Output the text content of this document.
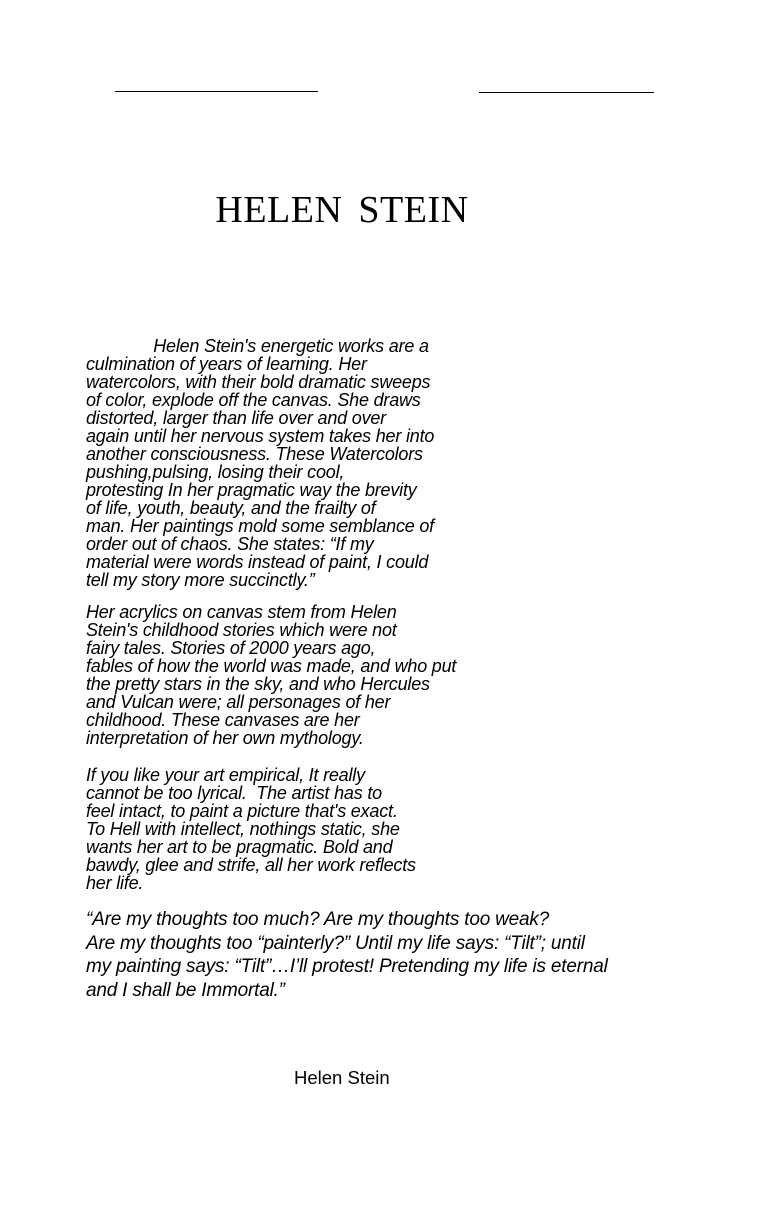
HELEN STEIN
Helen Stein's energetic works are a
culmination of years of learning. Her
watercolors, with their bold dramatic sweeps
of color, explode off the canvas. She draws
distorted, larger than life over and over
again until her nervous system takes her into
another consciousness. These Watercolors
pushing,pulsing, losing their cool,
protesting In her pragmatic way the brevity
of life, youth, beauty, and the frailty of
man. Her paintings mold some semblance of
order out of chaos. She states: “If my
material were words instead of paint, I could
tell my story more succinctly.”
Her acrylics on canvas stem from Helen
Stein's childhood stories which were not
fairy tales. Stories of 2000 years ago,
fables of how the world was made, and who put
the pretty stars in the sky, and who Hercules
and Vulcan were; all personages of her
childhood. These canvases are her
interpretation of her own mythology.
If you like your art empirical, It really
cannot be too lyrical.  The artist has to
feel intact, to paint a picture that's exact.
To Hell with intellect, nothings static, she
wants her art to be pragmatic. Bold and
bawdy, glee and strife, all her work reflects
her life.
“Are my thoughts too much? Are my thoughts too weak?
Are my thoughts too “painterly?” Until my life says: “Tilt”; until
my painting says: “Tilt”…I’ll protest! Pretending my life is eternal
and I shall be Immortal.”

Helen Stein
